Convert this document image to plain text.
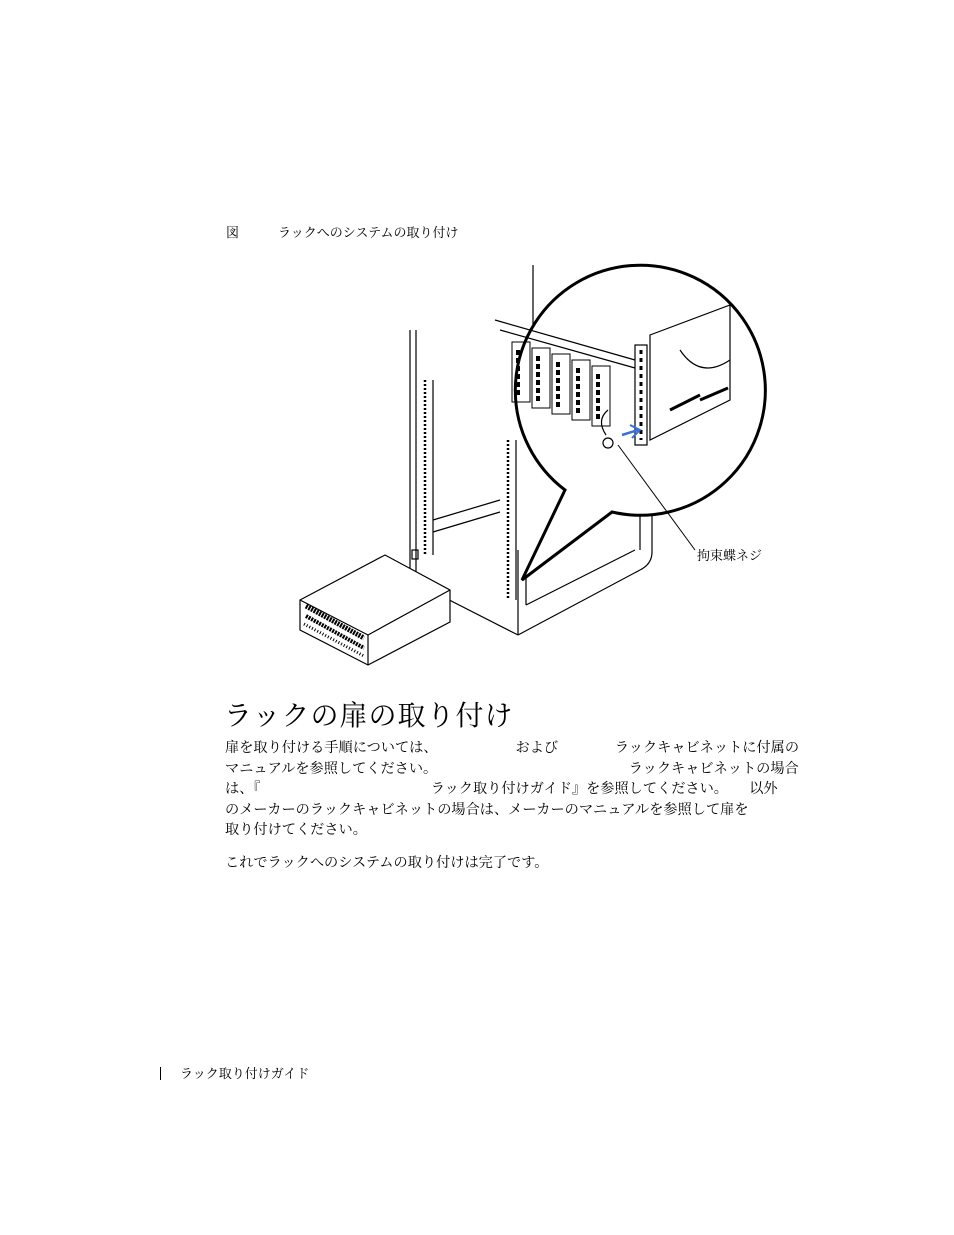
図	ラックへのシステムの取り付け
拘束蝶ネジ
ラックの扉の取り付け
扉を取り付ける手順については、　　　　　　および　　　　ラックキャビネットに付属の
マニュアルを参照してください。　　　　　　　　　　　　　　ラックキャビネットの場合
は、『　　　　　　　　　　　　ラック取り付けガイド』を参照してください。　　以外
のメーカーのラックキャビネットの場合は、メーカーのマニュアルを参照して扉を
取り付けてください。

これでラックへのシステムの取り付けは完了です。

ラック取り付けガイド
